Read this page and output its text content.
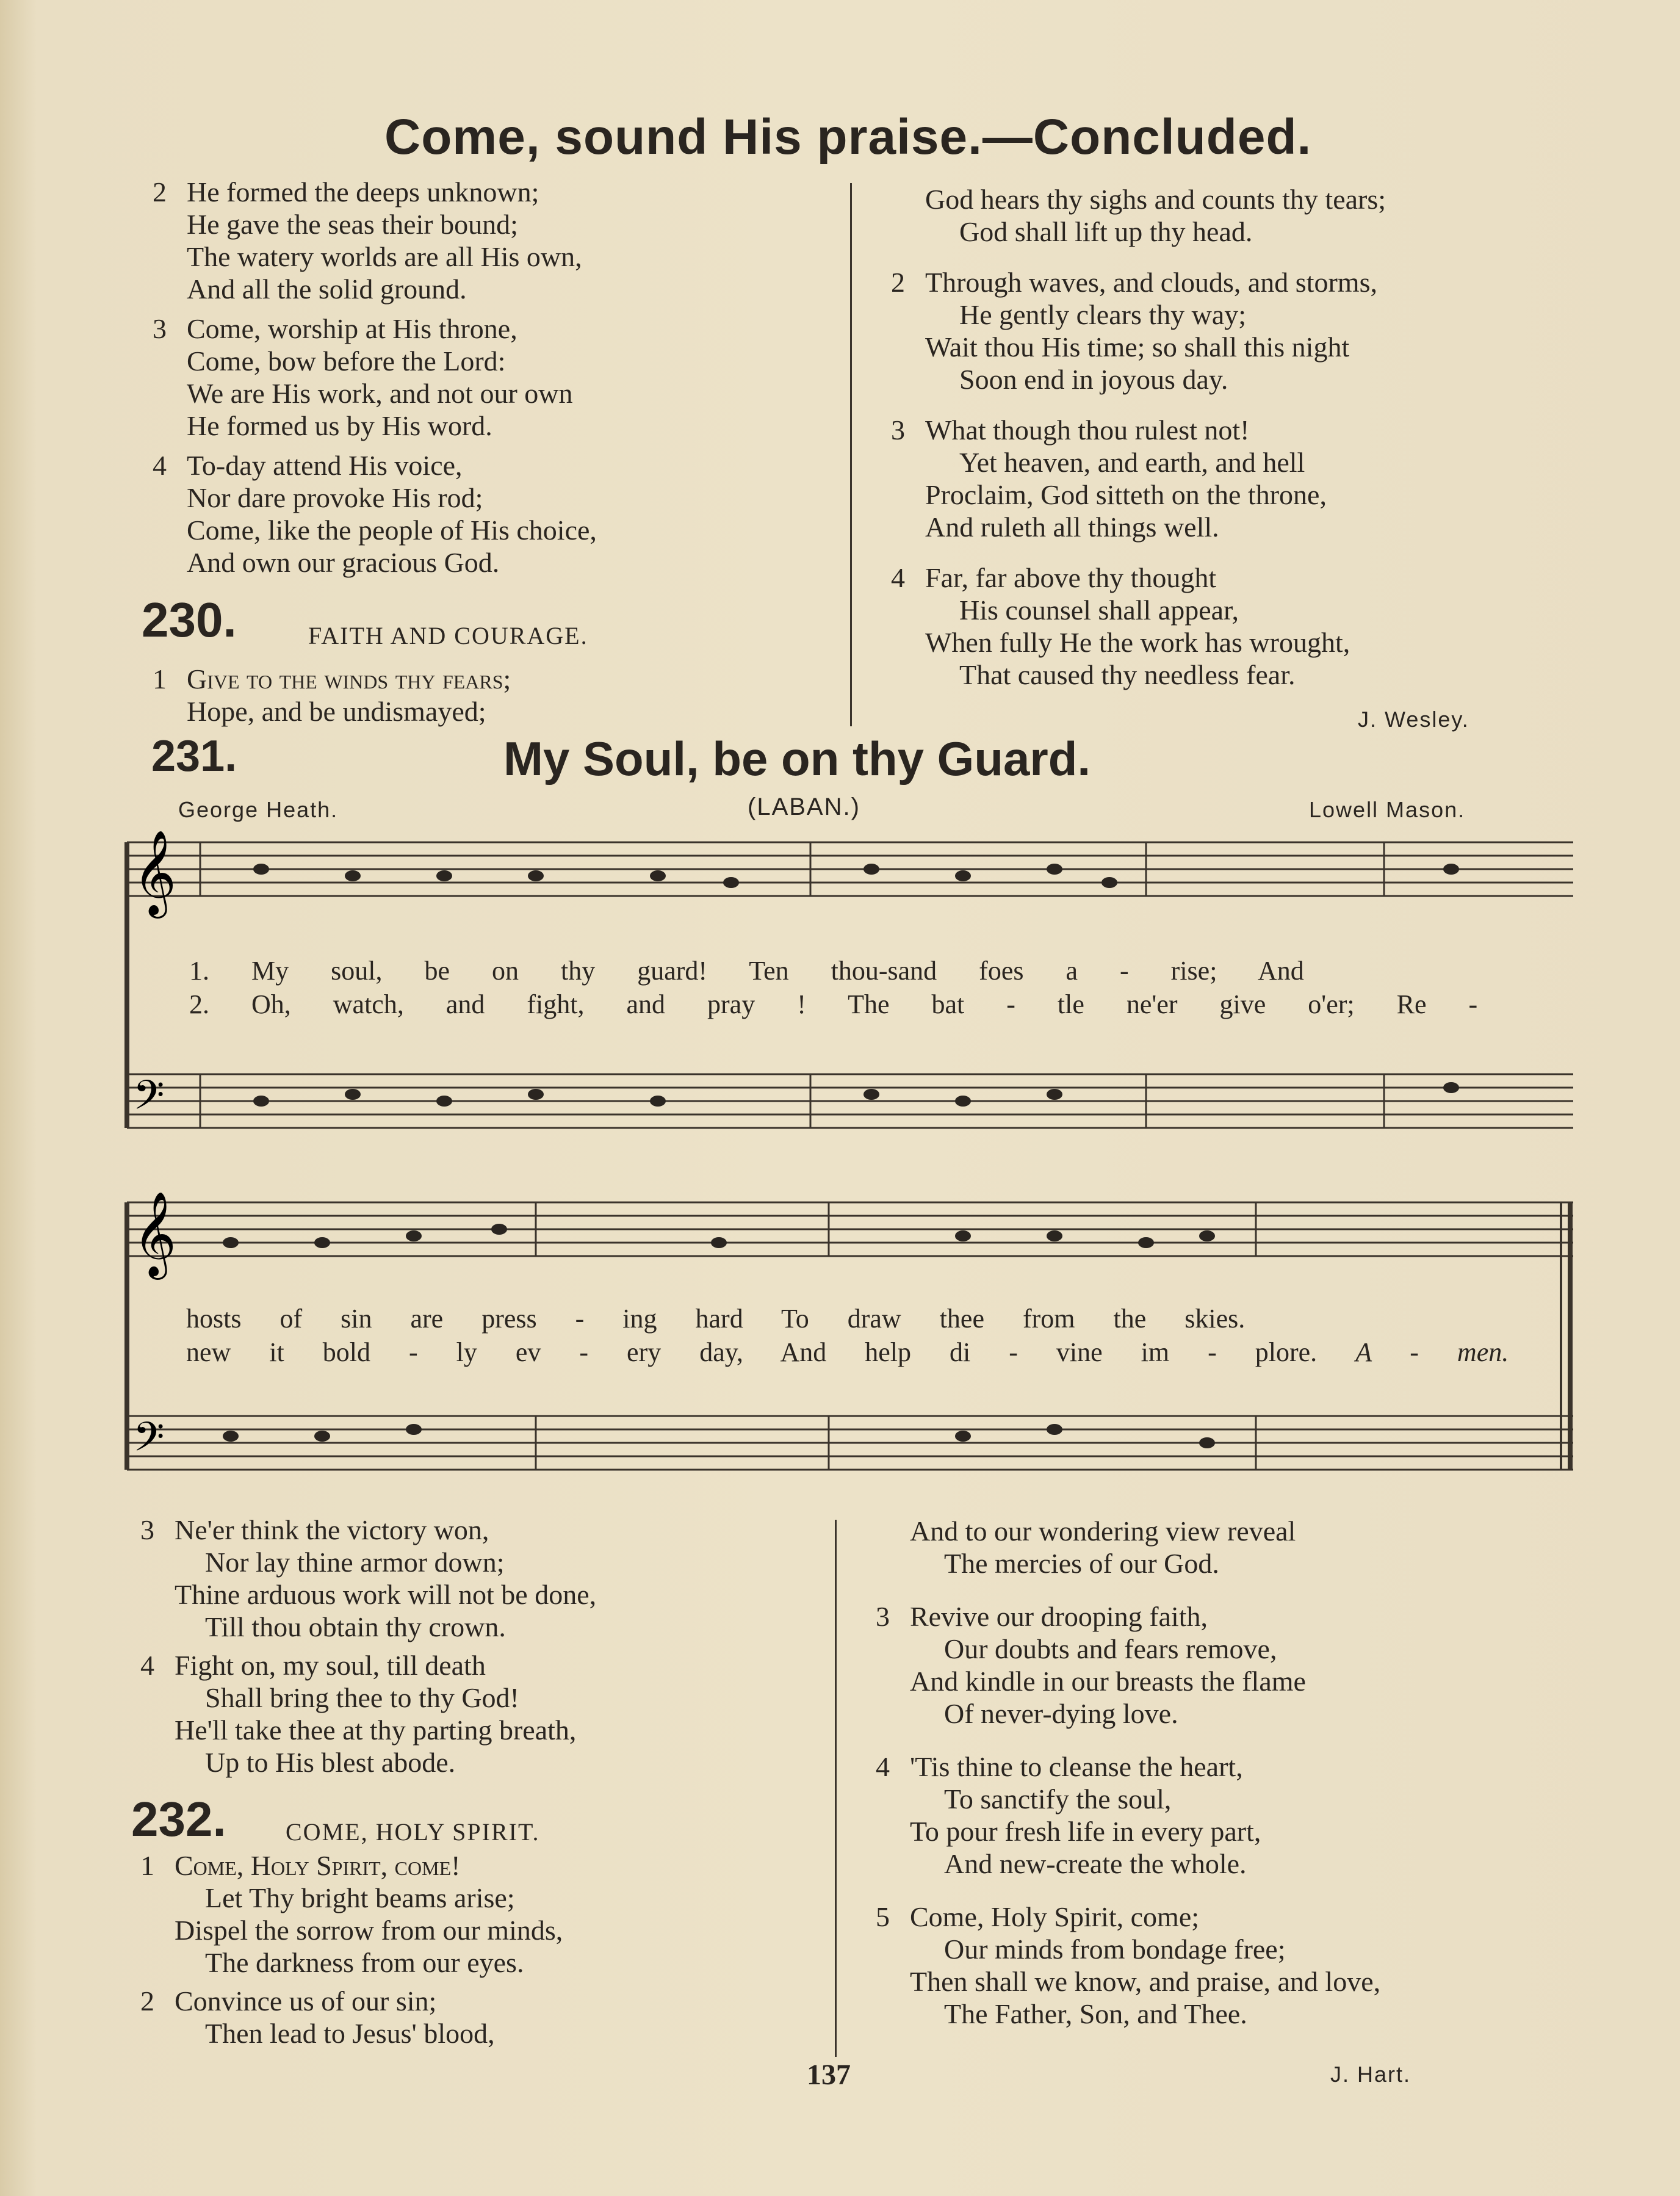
Come, sound His praise.—Concluded.
2 He formed the deeps unknown;
He gave the seas their bound;
The watery worlds are all His own,
And all the solid ground.
3 Come, worship at His throne,
Come, bow before the Lord:
We are His work, and not our own
He formed us by His word.
4 To-day attend His voice,
Nor dare provoke His rod;
Come, like the people of His choice,
And own our gracious God.
230.	FAITH AND COURAGE.
1 Give to the winds thy fears;
Hope, and be undismayed;
God hears thy sighs and counts thy tears;
God shall lift up thy head.
2 Through waves, and clouds, and storms,
He gently clears thy way;
Wait thou His time; so shall this night
Soon end in joyous day.
3 What though thou rulest not!
Yet heaven, and earth, and hell
Proclaim, God sitteth on the throne,
And ruleth all things well.
4 Far, far above thy thought
His counsel shall appear,
When fully He the work has wrought,
That caused thy needless fear.
J. Wesley.
231.	My Soul, be on thy Guard.
George Heath.	(LABAN.)	Lowell Mason.
𝄞
𝄢
1. My soul, be on thy guard! Ten thou-sand foes a - rise; And
2. Oh, watch, and fight, and pray ! The bat - tle ne'er give o'er; Re -
𝄞
𝄢
hosts of sin are press - ing hard To draw thee from the skies.
new it bold - ly ev - ery day, And help di - vine im - plore. A - men.
3 Ne'er think the victory won,
Nor lay thine armor down;
Thine arduous work will not be done,
Till thou obtain thy crown.
4 Fight on, my soul, till death
Shall bring thee to thy God!
He'll take thee at thy parting breath,
Up to His blest abode.
232. COME, HOLY SPIRIT.
1 Come, Holy Spirit, come!
Let Thy bright beams arise;
Dispel the sorrow from our minds,
The darkness from our eyes.
2 Convince us of our sin;
Then lead to Jesus' blood,
And to our wondering view reveal
The mercies of our God.
3 Revive our drooping faith,
Our doubts and fears remove,
And kindle in our breasts the flame
Of never-dying love.
4 'Tis thine to cleanse the heart,
To sanctify the soul,
To pour fresh life in every part,
And new-create the whole.
5 Come, Holy Spirit, come;
Our minds from bondage free;
Then shall we know, and praise, and love,
The Father, Son, and Thee.
J. Hart.
137
